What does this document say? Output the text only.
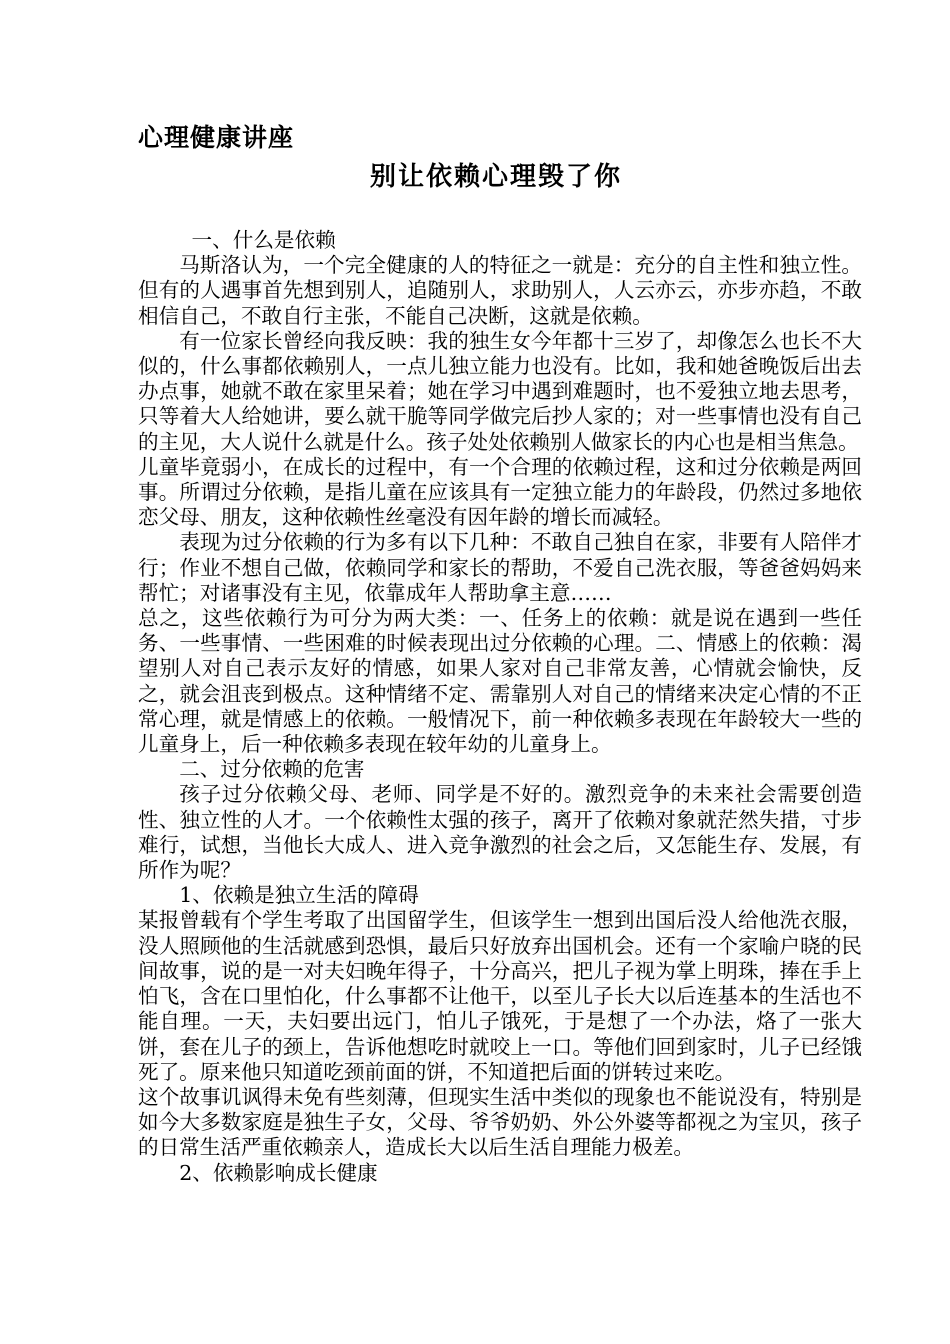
心理健康讲座
别让依赖心理毁了你

一、什么是依赖

马斯洛认为，一个完全健康的人的特征之一就是：充分的自主性和独立性。但有的人遇事首先想到别人，追随别人，求助别人，人云亦云，亦步亦趋，不敢相信自己，不敢自行主张，不能自己决断，这就是依赖。

有一位家长曾经向我反映：我的独生女今年都十三岁了，却像怎么也长不大似的，什么事都依赖别人，一点儿独立能力也没有。比如，我和她爸晚饭后出去办点事，她就不敢在家里呆着；她在学习中遇到难题时，也不爱独立地去思考，只等着大人给她讲，要么就干脆等同学做完后抄人家的；对一些事情也没有自己的主见，大人说什么就是什么。孩子处处依赖别人做家长的内心也是相当焦急。

儿童毕竟弱小，在成长的过程中，有一个合理的依赖过程，这和过分依赖是两回事。所谓过分依赖，是指儿童在应该具有一定独立能力的年龄段，仍然过多地依恋父母、朋友，这种依赖性丝毫没有因年龄的增长而减轻。

表现为过分依赖的行为多有以下几种：不敢自己独自在家，非要有人陪伴才行；作业不想自己做，依赖同学和家长的帮助，不爱自己洗衣服，等爸爸妈妈来帮忙；对诸事没有主见，依靠成年人帮助拿主意……

总之，这些依赖行为可分为两大类：一、任务上的依赖：就是说在遇到一些任务、一些事情、一些困难的时候表现出过分依赖的心理。二、情感上的依赖：渴望别人对自己表示友好的情感，如果人家对自己非常友善，心情就会愉快，反之，就会沮丧到极点。这种情绪不定、需靠别人对自己的情绪来决定心情的不正常心理，就是情感上的依赖。一般情况下，前一种依赖多表现在年龄较大一些的儿童身上，后一种依赖多表现在较年幼的儿童身上。

二、过分依赖的危害

孩子过分依赖父母、老师、同学是不好的。激烈竞争的未来社会需要创造性、独立性的人才。一个依赖性太强的孩子，离开了依赖对象就茫然失措，寸步难行，试想，当他长大成人、进入竞争激烈的社会之后，又怎能生存、发展，有所作为呢？

1、依赖是独立生活的障碍

某报曾载有个学生考取了出国留学生，但该学生一想到出国后没人给他洗衣服，没人照顾他的生活就感到恐惧，最后只好放弃出国机会。还有一个家喻户晓的民间故事，说的是一对夫妇晚年得子，十分高兴，把儿子视为掌上明珠，捧在手上怕飞，含在口里怕化，什么事都不让他干，以至儿子长大以后连基本的生活也不能自理。一天，夫妇要出远门，怕儿子饿死，于是想了一个办法，烙了一张大饼，套在儿子的颈上，告诉他想吃时就咬上一口。等他们回到家时，儿子已经饿死了。原来他只知道吃颈前面的饼，不知道把后面的饼转过来吃。

这个故事讥讽得未免有些刻薄，但现实生活中类似的现象也不能说没有，特别是如今大多数家庭是独生子女，父母、爷爷奶奶、外公外婆等都视之为宝贝，孩子的日常生活严重依赖亲人，造成长大以后生活自理能力极差。

2、依赖影响成长健康
